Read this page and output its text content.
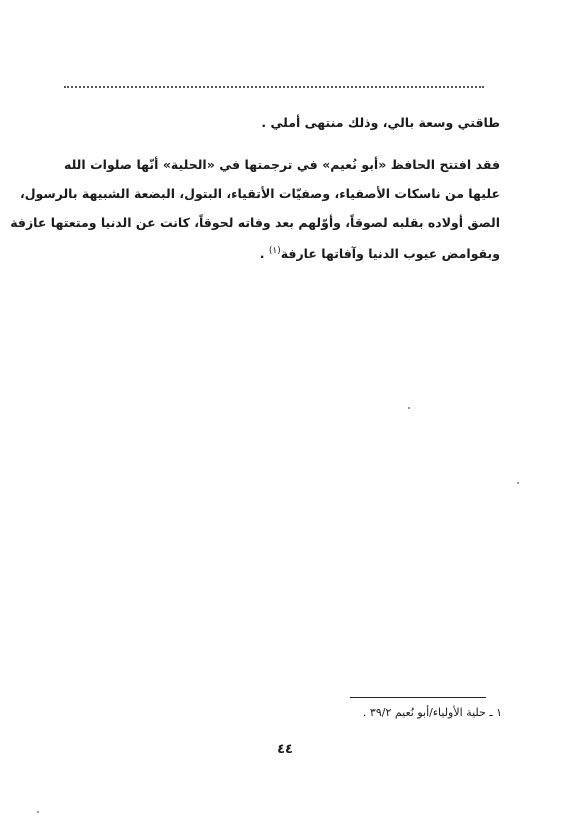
طاقتي وسعة بالي، وذلك منتهى أملي .
فقد افتتح الحافظ «أبو نُعيم» في ترجمتها في «الحلية» أنّها صلوات الله
عليها من ناسكات الأصفياء، وصفيّات الأتقياء، البتول، البضعة الشبيهة بالرسول،
الصق أولاده بقلبه لصوقاً، وأوّلهم بعد وفاته لحوقاً، كانت عن الدنيا ومتعتها عازفة
وبقوامض عيوب الدنيا وآفاتها عارفة$^{(١)}$ .
١ ـ حلية الأولياء/أبو نُعيم ٣٩/٢ .
٤٤
